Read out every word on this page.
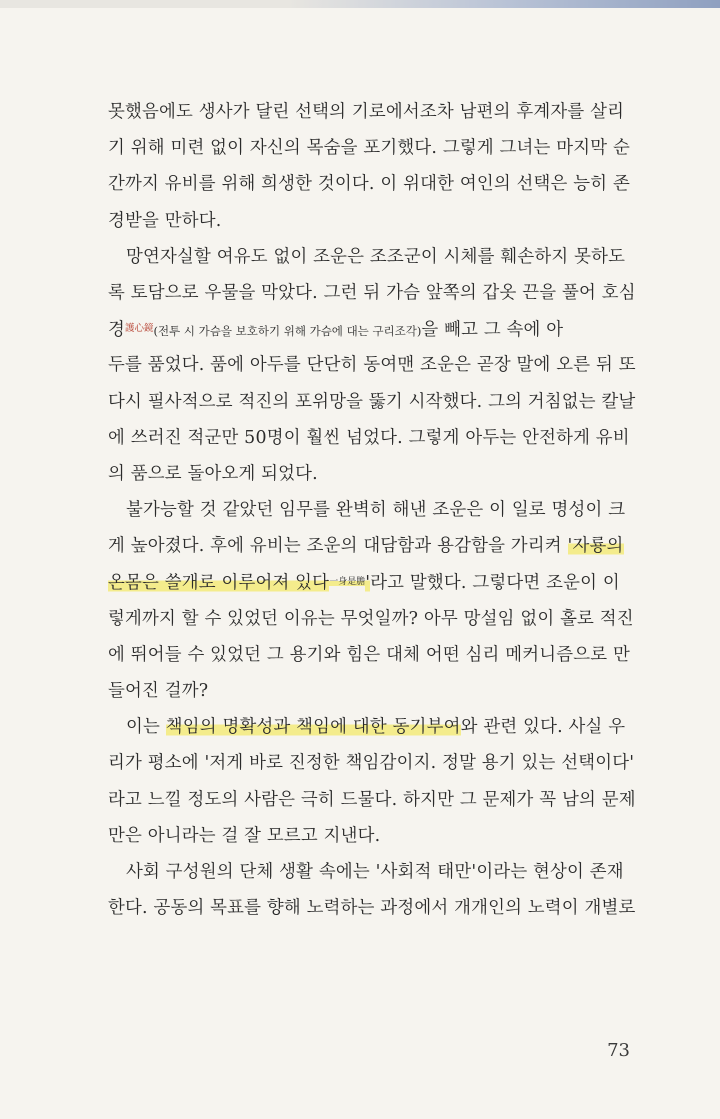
못했음에도 생사가 달린 선택의 기로에서조차 남편의 후계자를 살리
기 위해 미련 없이 자신의 목숨을 포기했다. 그렇게 그녀는 마지막 순
간까지 유비를 위해 희생한 것이다. 이 위대한 여인의 선택은 능히 존
경받을 만하다.
망연자실할 여유도 없이 조운은 조조군이 시체를 훼손하지 못하도
록 토담으로 우물을 막았다. 그런 뒤 가슴 앞쪽의 갑옷 끈을 풀어 호심
경$^{護心鏡}$(전투 시 가슴을 보호하기 위해 가슴에 대는 구리조각)을 빼고 그 속에 아
두를 품었다. 품에 아두를 단단히 동여맨 조운은 곧장 말에 오른 뒤 또
다시 필사적으로 적진의 포위망을 뚫기 시작했다. 그의 거침없는 칼날
에 쓰러진 적군만 50명이 훨씬 넘었다. 그렇게 아두는 안전하게 유비
의 품으로 돌아오게 되었다.
불가능할 것 같았던 임무를 완벽히 해낸 조운은 이 일로 명성이 크
게 높아졌다. 후에 유비는 조운의 대담함과 용감함을 가리켜 '자룡의
온몸은 쓸개로 이루어져 있다$^{一身是膽}$'라고 말했다. 그렇다면 조운이 이
렇게까지 할 수 있었던 이유는 무엇일까? 아무 망설임 없이 홀로 적진
에 뛰어들 수 있었던 그 용기와 힘은 대체 어떤 심리 메커니즘으로 만
들어진 걸까?
이는 책임의 명확성과 책임에 대한 동기부여와 관련 있다. 사실 우
리가 평소에 '저게 바로 진정한 책임감이지. 정말 용기 있는 선택이다'
라고 느낄 정도의 사람은 극히 드물다. 하지만 그 문제가 꼭 남의 문제
만은 아니라는 걸 잘 모르고 지낸다.
사회 구성원의 단체 생활 속에는 '사회적 태만'이라는 현상이 존재
한다. 공동의 목표를 향해 노력하는 과정에서 개개인의 노력이 개별로
73
